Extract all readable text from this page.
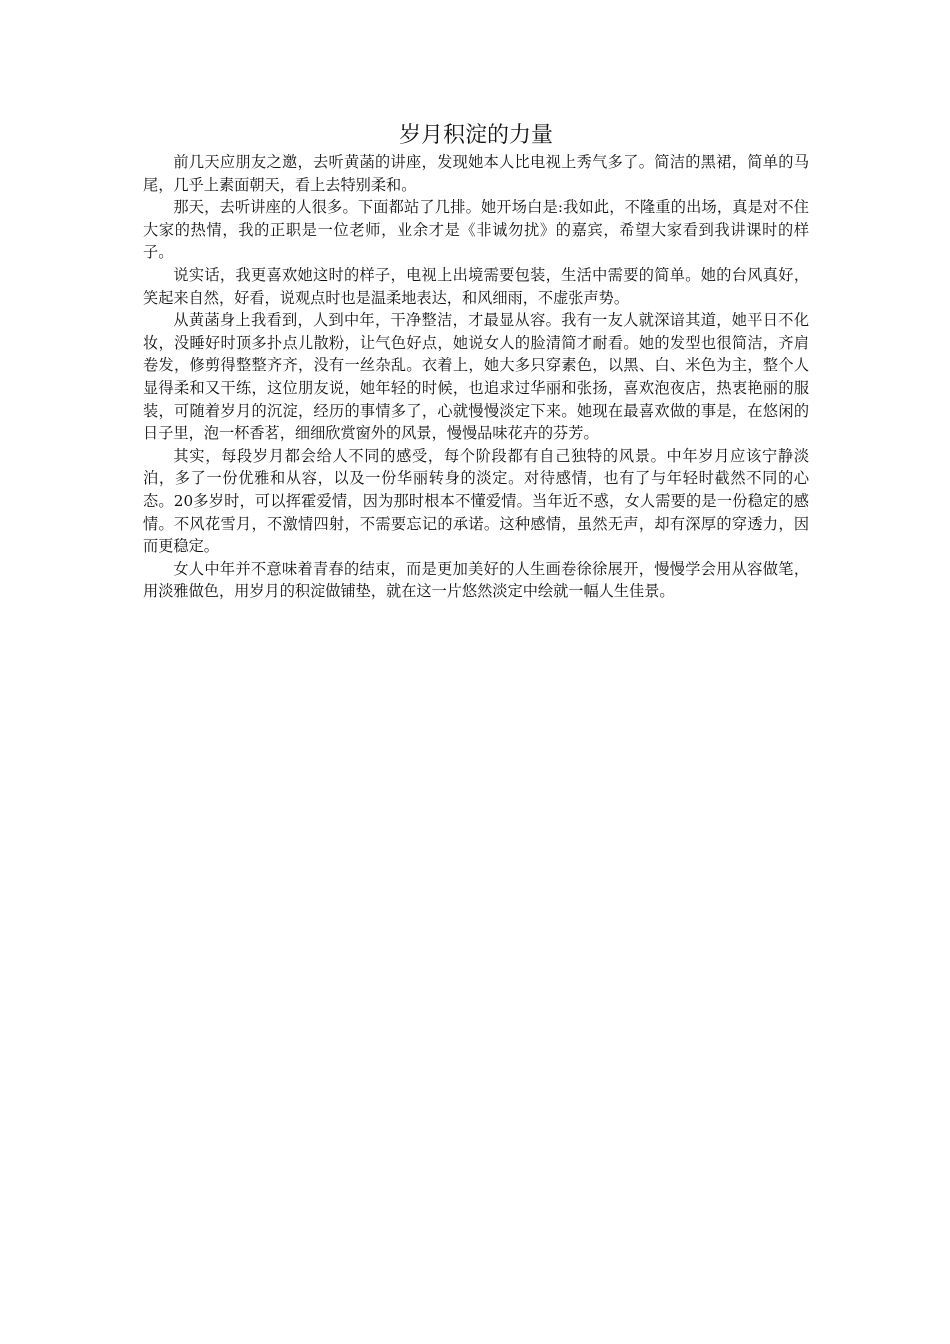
岁月积淀的力量

前几天应朋友之邀，去听黄菡的讲座，发现她本人比电视上秀气多了。简洁的黑裙，简单的马尾，几乎上素面朝天，看上去特别柔和。

那天，去听讲座的人很多。下面都站了几排。她开场白是:我如此，不隆重的出场，真是对不住大家的热情，我的正职是一位老师，业余才是《非诚勿扰》的嘉宾，希望大家看到我讲课时的样子。

说实话，我更喜欢她这时的样子，电视上出境需要包装，生活中需要的简单。她的台风真好，笑起来自然，好看，说观点时也是温柔地表达，和风细雨，不虚张声势。

从黄菡身上我看到，人到中年，干净整洁，才最显从容。我有一友人就深谙其道，她平日不化妆，没睡好时顶多扑点儿散粉，让气色好点，她说女人的脸清简才耐看。她的发型也很简洁，齐肩卷发，修剪得整整齐齐，没有一丝杂乱。衣着上，她大多只穿素色，以黑、白、米色为主，整个人显得柔和又干练，这位朋友说，她年轻的时候，也追求过华丽和张扬，喜欢泡夜店，热衷艳丽的服装，可随着岁月的沉淀，经历的事情多了，心就慢慢淡定下来。她现在最喜欢做的事是，在悠闲的日子里，泡一杯香茗，细细欣赏窗外的风景，慢慢品味花卉的芬芳。

其实，每段岁月都会给人不同的感受，每个阶段都有自己独特的风景。中年岁月应该宁静淡泊，多了一份优雅和从容，以及一份华丽转身的淡定。对待感情，也有了与年轻时截然不同的心态。20多岁时，可以挥霍爱情，因为那时根本不懂爱情。当年近不惑，女人需要的是一份稳定的感情。不风花雪月，不激情四射，不需要忘记的承诺。这种感情，虽然无声，却有深厚的穿透力，因而更稳定。

女人中年并不意味着青春的结束，而是更加美好的人生画卷徐徐展开，慢慢学会用从容做笔，用淡雅做色，用岁月的积淀做铺垫，就在这一片悠然淡定中绘就一幅人生佳景。
